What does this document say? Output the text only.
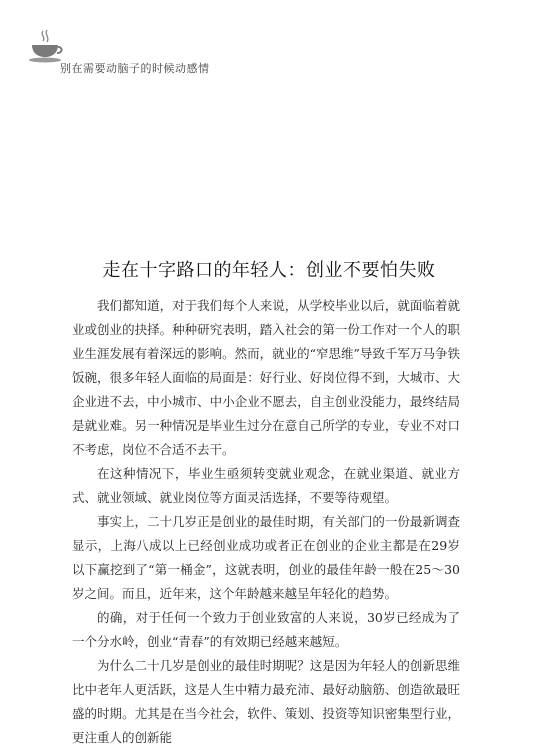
别在需要动脑子的时候动感情
走在十字路口的年轻人：创业不要怕失败

我们都知道，对于我们每个人来说，从学校毕业以后，就面临着就业或创业的抉择。种种研究表明，踏入社会的第一份工作对一个人的职业生涯发展有着深远的影响。然而，就业的“窄思维”导致千军万马争铁饭碗，很多年轻人面临的局面是：好行业、好岗位得不到，大城市、大企业进不去，中小城市、中小企业不愿去，自主创业没能力，最终结局是就业难。另一种情况是毕业生过分在意自己所学的专业，专业不对口不考虑，岗位不合适不去干。

在这种情况下，毕业生亟须转变就业观念，在就业渠道、就业方式、就业领域、就业岗位等方面灵活选择，不要等待观望。

事实上，二十几岁正是创业的最佳时期，有关部门的一份最新调查显示，上海八成以上已经创业成功或者正在创业的企业主都是在29岁以下赢挖到了“第一桶金”，这就表明，创业的最佳年龄一般在25～30岁之间。而且，近年来，这个年龄越来越呈年轻化的趋势。

的确，对于任何一个致力于创业致富的人来说，30岁已经成为了一个分水岭，创业“青春”的有效期已经越来越短。

为什么二十几岁是创业的最佳时期呢？这是因为年轻人的创新思维比中老年人更活跃，这是人生中精力最充沛、最好动脑筋、创造欲最旺盛的时期。尤其是在当今社会，软件、策划、投资等知识密集型行业，更注重人的创新能
